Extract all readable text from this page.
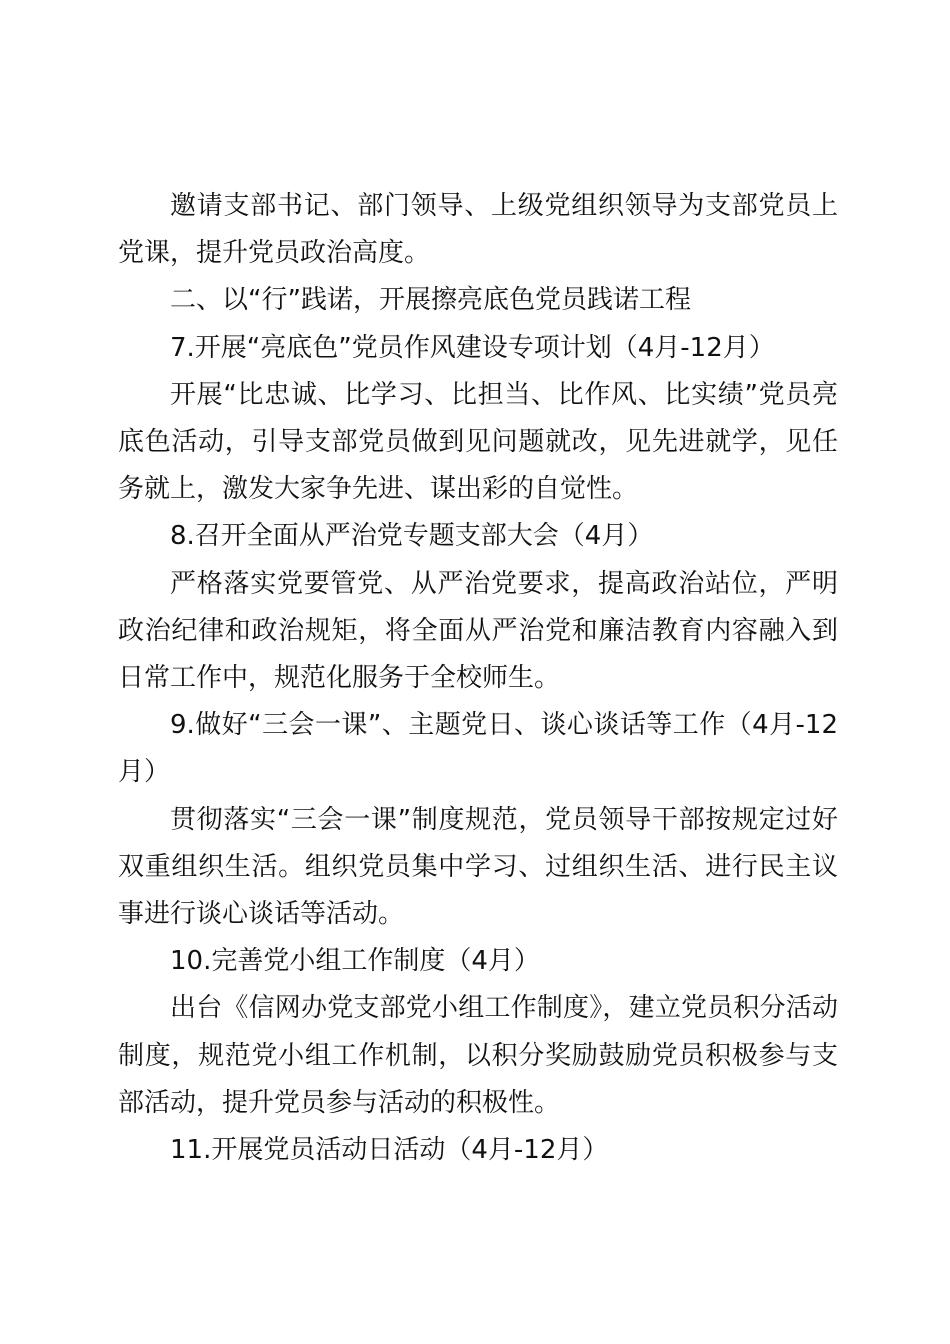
邀请支部书记、部门领导、上级党组织领导为支部党员上党课，提升党员政治高度。

二、以“行”践诺，开展擦亮底色党员践诺工程

7.开展“亮底色”党员作风建设专项计划（4月-12月）

开展“比忠诚、比学习、比担当、比作风、比实绩”党员亮底色活动，引导支部党员做到见问题就改，见先进就学，见任务就上，激发大家争先进、谋出彩的自觉性。

8.召开全面从严治党专题支部大会（4月）

严格落实党要管党、从严治党要求，提高政治站位，严明政治纪律和政治规矩，将全面从严治党和廉洁教育内容融入到日常工作中，规范化服务于全校师生。

9.做好“三会一课”、主题党日、谈心谈话等工作（4月-12月）

贯彻落实“三会一课”制度规范，党员领导干部按规定过好双重组织生活。组织党员集中学习、过组织生活、进行民主议事进行谈心谈话等活动。

10.完善党小组工作制度（4月）

出台《信网办党支部党小组工作制度》，建立党员积分活动制度，规范党小组工作机制，以积分奖励鼓励党员积极参与支部活动，提升党员参与活动的积极性。

11.开展党员活动日活动（4月-12月）
